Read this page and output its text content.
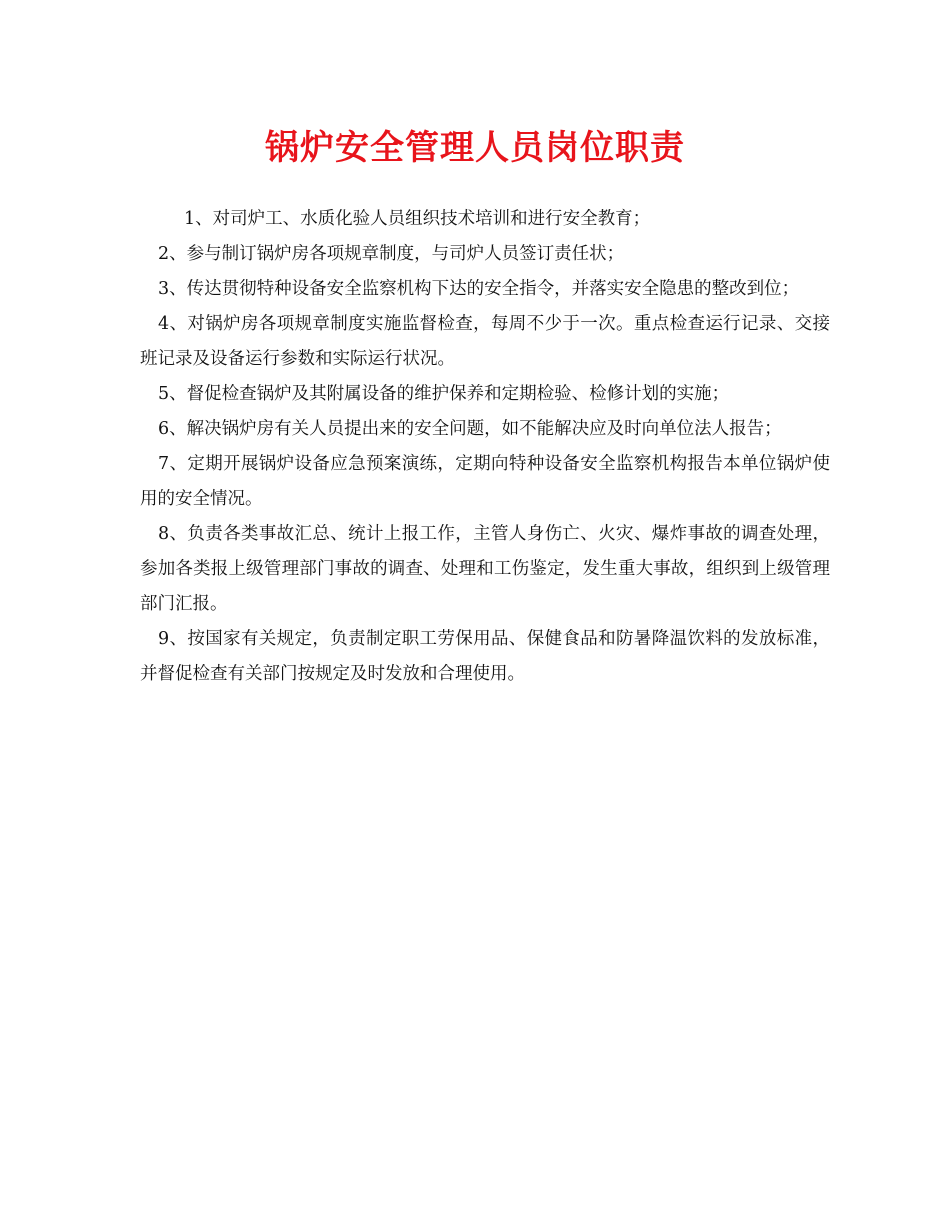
锅炉安全管理人员岗位职责

1、对司炉工、水质化验人员组织技术培训和进行安全教育；

2、参与制订锅炉房各项规章制度，与司炉人员签订责任状；

3、传达贯彻特种设备安全监察机构下达的安全指令，并落实安全隐患的整改到位；

4、对锅炉房各项规章制度实施监督检查，每周不少于一次。重点检查运行记录、交接班记录及设备运行参数和实际运行状况。

5、督促检查锅炉及其附属设备的维护保养和定期检验、检修计划的实施；

6、解决锅炉房有关人员提出来的安全问题，如不能解决应及时向单位法人报告；

7、定期开展锅炉设备应急预案演练，定期向特种设备安全监察机构报告本单位锅炉使用的安全情况。

8、负责各类事故汇总、统计上报工作，主管人身伤亡、火灾、爆炸事故的调查处理，参加各类报上级管理部门事故的调查、处理和工伤鉴定，发生重大事故，组织到上级管理部门汇报。

9、按国家有关规定，负责制定职工劳保用品、保健食品和防暑降温饮料的发放标准，并督促检查有关部门按规定及时发放和合理使用。
